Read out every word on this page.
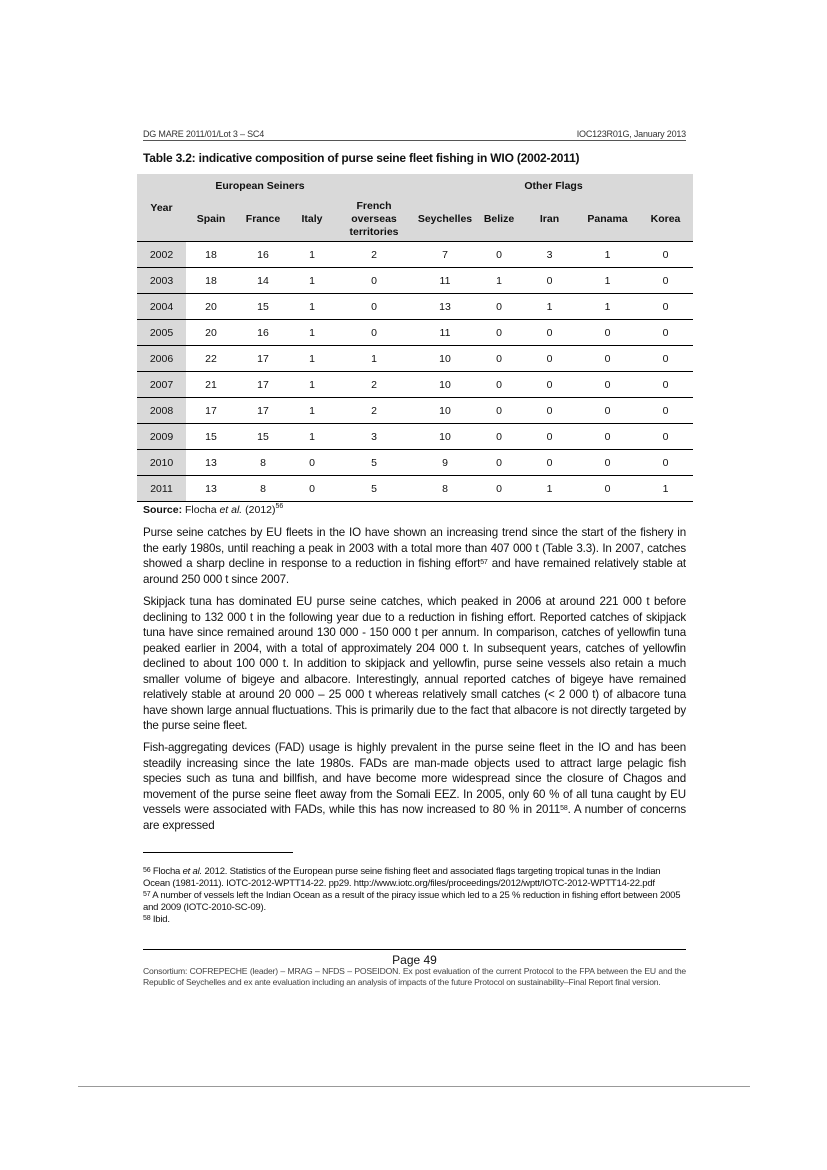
DG MARE 2011/01/Lot 3 – SC4	IOC123R01G, January 2013
Table 3.2: indicative composition of purse seine fleet fishing in WIO (2002-2011)
Year	European Seiners				Other Flags				
	Spain	France	Italy	French overseas territories	Seychelles	Belize	Iran	Panama	Korea
2002	18	16	1	2	7	0	3	1	0
2003	18	14	1	0	11	1	0	1	0
2004	20	15	1	0	13	0	1	1	0
2005	20	16	1	0	11	0	0	0	0
2006	22	17	1	1	10	0	0	0	0
2007	21	17	1	2	10	0	0	0	0
2008	17	17	1	2	10	0	0	0	0
2009	15	15	1	3	10	0	0	0	0
2010	13	8	0	5	9	0	0	0	0
2011	13	8	0	5	8	0	1	0	1
Source: Flocha et al. $(2012)^{56}$

Purse seine catches by EU fleets in the IO have shown an increasing trend since the start of the fishery in the early 1980s, until reaching a peak in 2003 with a total more than 407 000 t (Table 3.3). In 2007, catches showed a sharp decline in response to a reduction in fishing effort$^{57}$ and have remained relatively stable at around 250 000 t since 2007.

Skipjack tuna has dominated EU purse seine catches, which peaked in 2006 at around 221 000 t before declining to 132 000 t in the following year due to a reduction in fishing effort. Reported catches of skipjack tuna have since remained around 130 000 - 150 000 t per annum. In comparison, catches of yellowfin tuna peaked earlier in 2004, with a total of approximately 204 000 t. In subsequent years, catches of yellowfin declined to about 100 000 t. In addition to skipjack and yellowfin, purse seine vessels also retain a much smaller volume of bigeye and albacore. Interestingly, annual reported catches of bigeye have remained relatively stable at around 20 000 – 25 000 t whereas relatively small catches (< 2 000 t) of albacore tuna have shown large annual fluctuations. This is primarily due to the fact that albacore is not directly targeted by the purse seine fleet.

Fish-aggregating devices (FAD) usage is highly prevalent in the purse seine fleet in the IO and has been steadily increasing since the late 1980s. FADs are man-made objects used to attract large pelagic fish species such as tuna and billfish, and have become more widespread since the closure of Chagos and movement of the purse seine fleet away from the Somali EEZ. In 2005, only 60 % of all tuna caught by EU vessels were associated with FADs, while this has now increased to 80 % in 2011$^{58}$. A number of concerns are expressed

$^{56}$ Flocha et al. 2012. Statistics of the European purse seine fishing fleet and associated flags targeting tropical tunas in the Indian Ocean (1981-2011). IOTC-2012-WPTT14-22. pp29. http://www.iotc.org/files/proceedings/2012/wptt/IOTC-2012-WPTT14-22.pdf

$^{57}$ A number of vessels left the Indian Ocean as a result of the piracy issue which led to a 25 % reduction in fishing effort between 2005 and 2009 (IOTC-2010-SC-09).

$^{58}$ Ibid.

Page 49
Consortium: COFREPECHE (leader) – MRAG – NFDS – POSEIDON. Ex post evaluation of the current Protocol to the FPA between the EU and the Republic of Seychelles and ex ante evaluation including an analysis of impacts of the future Protocol on sustainability–Final Report final version.
